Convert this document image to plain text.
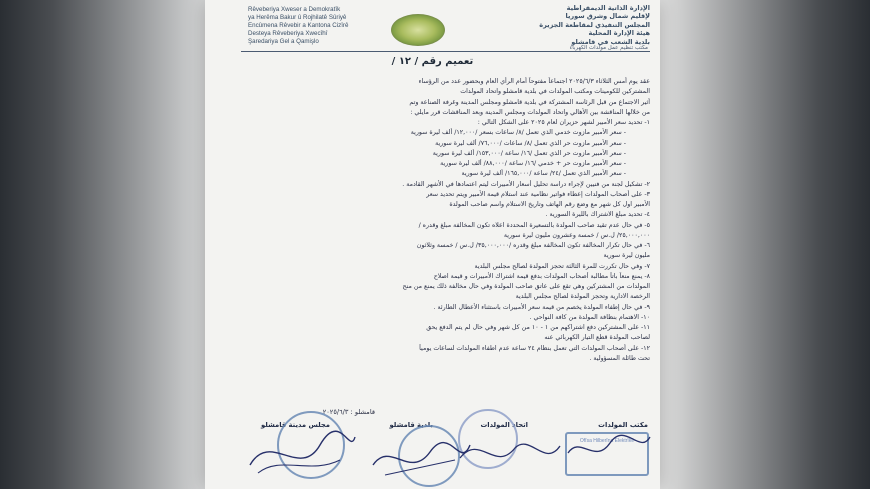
Rêveberiya Xweser a Demokratîk
ya Herêma Bakur û Rojhilatê Sûriyê
Encûmena Rêvebir a Kantona Cizîrê
Desteya Rêveberiya Xwecîhî
Şaredariya Gel a Qamişlo
الإدارة الذاتية الديمقراطية
لإقليم شمال وشرق سوريا
المجلس التنفيذي لمقاطعة الجزيرة
هيئة الإدارة المحلية
بلدية الشعب في قامشلو
مكتب تنظيم عمل مولدات الكهرباء
تعميم رقم / ١٢ /

عقد يوم أمس الثلاثاء ٢٠٢٥/٦/٣ اجتماعاً مفتوحاً أمام الرأي العام وبحضور عدد من الرؤساء

المشتركين للكومينات ومكتب المولدات في بلدية قامشلو واتحاد المولدات

أثير الاجتماع من قبل الرئاسة المشتركة في بلدية قامشلو ومجلس المدينة وغرفة الصناعة وتم

من خلالها المناقشة بين الأهالي واتحاد المولدات ومجلس المدينة وبعد المناقشات قرر مايلي :

١- تحديد سعر الأمبير لشهر حزيران لعام ٢٠٢٥ على الشكل التالي :

- سعر الأمبير مازوت خدمي الذي تعمل /٨/ ساعات بسعر /١٢,٠٠٠/ ألف ليرة سورية

- سعر الأمبير مازوت حر الذي تعمل /٨/ ساعات /٧٦,٠٠٠/ ألف ليرة سورية

- سعر الأمبير مازوت حر الذي تعمل /١٦/ ساعة /١٥٣,٠٠٠/ ألف ليرة سورية

- سعر الأمبير مازوت حر + خدمي /١٦/ ساعة /٨٨,٠٠٠/ ألف ليرة سورية

- سعر الأمبير الذي تعمل /٢٤/ ساعة /١٦٥,٠٠٠/ ألف ليرة سورية

٢- تشكيل لجنة من فنيين لإجراء دراسة تحليل أسعار الأمبيرات ليتم اعتمادها في الأشهر القادمة .

٣- على أصحاب المولدات إعطاء فواتير نظامية عند استلام قيمة الأمبير ويتم تحديد سعر

الأمبير اول كل شهر مع وضع رقم الهاتف وتاريخ الاستلام واسم صاحب المولدة

٤- تحديد مبلغ الاشتراك بالليرة السورية .

٥- في حال عدم تقيد صاحب المولدة بالتسعيرة المحددة اعلاه تكون المخالفة مبلغ وقدره /

٢٥,٠٠٠,٠٠٠/ ل.س / خمسة وعشرون مليون ليرة سورية

٦- في حال تكرار المخالفة تكون المخالفة مبلغ وقدره /٣٥,٠٠٠,٠٠٠/ ل.س / خمسة وثلاثون

مليون ليرة سورية

٧- وفي حال تكررت للمرة الثالثة تحجز المولدة لصالح مجلس البلدية

٨- يمنع منعاً باتاً مطالبة أصحاب المولدات بدفع قيمة اشتراك الأمبيرات و قيمة اصلاح

المولدات من المشتركين وهي تقع على عاتق صاحب المولدة وفي حال مخالفة ذلك يمنع من منح

الرخصة الادارية وتحجز المولدة لصالح مجلس البلدية

٩- في حال إطفاء المولدة يخصم من قيمة سعر الأمبيرات باستثناء الأعطال الطارئة .

١٠- الاهتمام بنظافة المولدة من كافة النواحي .

١١- على المشتركين دفع اشتراكهم من ١ - ١٠ من كل شهر وفي حال لم يتم الدفع يحق

لصاحب المولدة قطع التيار الكهربائي عنه

١٢- على أصحاب المولدات التي تعمل بنظام ٢٤ ساعة عدم اطفاء المولدات لساعات يومياً

تحت طائلة المسؤولية .

قامشلو : ٢٠٢٥/٦/٣
مكتب المولدات
اتحاد المولدات
بلدية قامشلو
مجلس مدينة قامشلو
Ofîsa Hilberîna Elektrîkê
